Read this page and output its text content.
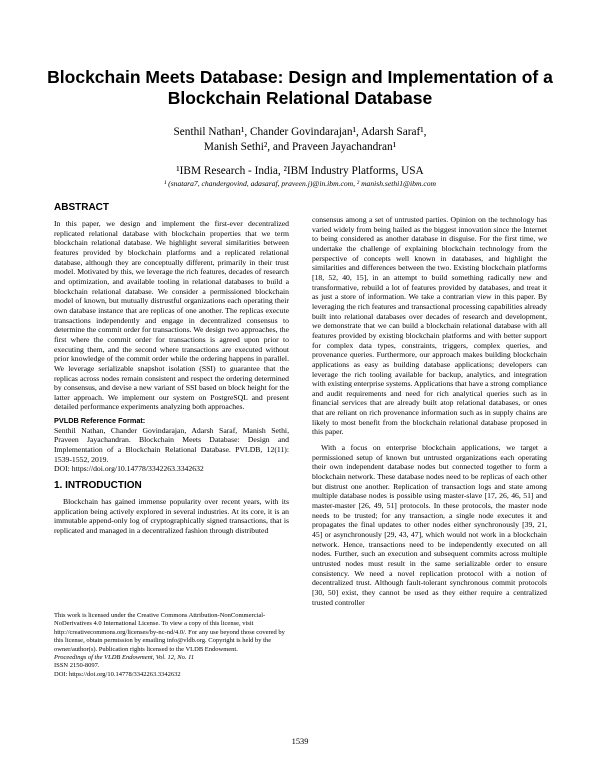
Blockchain Meets Database: Design and Implementation of a Blockchain Relational Database
Senthil Nathan¹, Chander Govindarajan¹, Adarsh Saraf¹,
Manish Sethi², and Praveen Jayachandran¹
¹IBM Research - India, ²IBM Industry Platforms, USA
¹ (snatara7, chandergovind, adasaraf, praveen.j)@in.ibm.com, ² manish.sethi1@ibm.com
ABSTRACT

In this paper, we design and implement the first-ever decentralized replicated relational database with blockchain properties that we term blockchain relational database. We highlight several similarities between features provided by blockchain platforms and a replicated relational database, although they are conceptually different, primarily in their trust model. Motivated by this, we leverage the rich features, decades of research and optimization, and available tooling in relational databases to build a blockchain relational database. We consider a permissioned blockchain model of known, but mutually distrustful organizations each operating their own database instance that are replicas of one another. The replicas execute transactions independently and engage in decentralized consensus to determine the commit order for transactions. We design two approaches, the first where the commit order for transactions is agreed upon prior to executing them, and the second where transactions are executed without prior knowledge of the commit order while the ordering happens in parallel. We leverage serializable snapshot isolation (SSI) to guarantee that the replicas across nodes remain consistent and respect the ordering determined by consensus, and devise a new variant of SSI based on block height for the latter approach. We implement our system on PostgreSQL and present detailed performance experiments analyzing both approaches.

PVLDB Reference Format:

Senthil Nathan, Chander Govindarajan, Adarsh Saraf, Manish Sethi, Praveen Jayachandran. Blockchain Meets Database: Design and Implementation of a Blockchain Relational Database. PVLDB, 12(11): 1539-1552, 2019.

DOI: https://doi.org/10.14778/3342263.3342632

1. INTRODUCTION

Blockchain has gained immense popularity over recent years, with its application being actively explored in several industries. At its core, it is an immutable append-only log of cryptographically signed transactions, that is replicated and managed in a decentralized fashion through distributed

This work is licensed under the Creative Commons Attribution-NonCommercial-NoDerivatives 4.0 International License. To view a copy of this license, visit http://creativecommons.org/licenses/by-nc-nd/4.0/. For any use beyond those covered by this license, obtain permission by emailing info@vldb.org. Copyright is held by the owner/author(s). Publication rights licensed to the VLDB Endowment.

Proceedings of the VLDB Endowment, Vol. 12, No. 11

ISSN 2150-8097.

DOI: https://doi.org/10.14778/3342263.3342632

consensus among a set of untrusted parties. Opinion on the technology has varied widely from being hailed as the biggest innovation since the Internet to being considered as another database in disguise. For the first time, we undertake the challenge of explaining blockchain technology from the perspective of concepts well known in databases, and highlight the similarities and differences between the two. Existing blockchain platforms [18, 52, 40, 15], in an attempt to build something radically new and transformative, rebuild a lot of features provided by databases, and treat it as just a store of information. We take a contrarian view in this paper. By leveraging the rich features and transactional processing capabilities already built into relational databases over decades of research and development, we demonstrate that we can build a blockchain relational database with all features provided by existing blockchain platforms and with better support for complex data types, constraints, triggers, complex queries, and provenance queries. Furthermore, our approach makes building blockchain applications as easy as building database applications; developers can leverage the rich tooling available for backup, analytics, and integration with existing enterprise systems. Applications that have a strong compliance and audit requirements and need for rich analytical queries such as in financial services that are already built atop relational databases, or ones that are reliant on rich provenance information such as in supply chains are likely to most benefit from the blockchain relational database proposed in this paper.

With a focus on enterprise blockchain applications, we target a permissioned setup of known but untrusted organizations each operating their own independent database nodes but connected together to form a blockchain network. These database nodes need to be replicas of each other but distrust one another. Replication of transaction logs and state among multiple database nodes is possible using master-slave [17, 26, 46, 51] and master-master [26, 49, 51] protocols. In these protocols, the master node needs to be trusted; for any transaction, a single node executes it and propagates the final updates to other nodes either synchronously [39, 21, 45] or asynchronously [29, 43, 47], which would not work in a blockchain network. Hence, transactions need to be independently executed on all nodes. Further, such an execution and subsequent commits across multiple untrusted nodes must result in the same serializable order to ensure consistency. We need a novel replication protocol with a notion of decentralized trust. Although fault-tolerant synchronous commit protocols [30, 50] exist, they cannot be used as they either require a centralized trusted controller

1539
